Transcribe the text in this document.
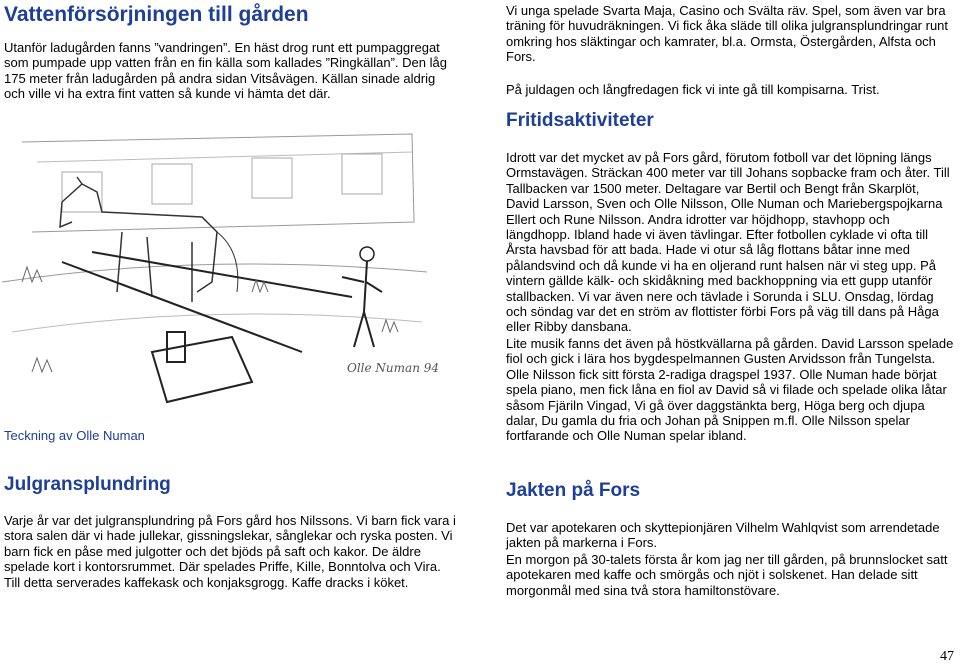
Vattenförsörjningen till gården

Utanför ladugården fanns ”vandringen”. En häst drog runt ett pumpaggregat som pumpade upp vatten från en fin källa som kallades ”Ringkällan”. Den låg 175 meter från ladugården på andra sidan Vitsåvägen. Källan sinade aldrig och ville vi ha extra fint vatten så kunde vi hämta det där.

Olle Numan 94
Teckning av Olle Numan
Julgransplundring

Varje år var det julgransplundring på Fors gård hos Nilssons. Vi barn fick vara i stora salen där vi hade jullekar, gissningslekar, sånglekar och ryska posten. Vi barn fick en påse med julgotter och det bjöds på saft och kakor. De äldre spelade kort i kontorsrummet. Där spelades Priffe, Kille, Bonntolva och Vira. Till detta serverades kaffekask och konjaksgrogg. Kaffe dracks i köket.

Vi unga spelade Svarta Maja, Casino och Svälta räv. Spel, som även var bra träning för huvudräkningen. Vi fick åka släde till olika julgransplundringar runt omkring hos släktingar och kamrater, bl.a. Ormsta, Östergården, Alfsta och Fors.

På juldagen och långfredagen fick vi inte gå till kompisarna. Trist.

Fritidsaktiviteter

Idrott var det mycket av på Fors gård, förutom fotboll var det löpning längs Ormstavägen. Sträckan 400 meter var till Johans sopbacke fram och åter. Till Tallbacken var 1500 meter. Deltagare var Bertil och Bengt från Skarplöt, David Larsson, Sven och Olle Nilsson, Olle Numan och Mariebergspojkarna Ellert och Rune Nilsson. Andra idrotter var höjdhopp, stavhopp och längdhopp. Ibland hade vi även tävlingar. Efter fotbollen cyklade vi ofta till Årsta havsbad för att bada. Hade vi otur så låg flottans båtar inne med pålandsvind och då kunde vi ha en oljerand runt halsen när vi steg upp. På vintern gällde kälk- och skidåkning med backhoppning via ett gupp utanför stallbacken. Vi var även nere och tävlade i Sorunda i SLU. Onsdag, lördag och söndag var det en ström av flottister förbi Fors på väg till dans på Håga eller Ribby dansbana.

Lite musik fanns det även på höstkvällarna på gården. David Larsson spelade fiol och gick i lära hos bygdespelmannen Gusten Arvidsson från Tungelsta. Olle Nilsson fick sitt första 2-radiga dragspel 1937. Olle Numan hade börjat spela piano, men fick låna en fiol av David så vi filade och spelade olika låtar såsom Fjäriln Vingad, Vi gå över daggstänkta berg, Höga berg och djupa dalar, Du gamla du fria och Johan på Snippen m.fl. Olle Nilsson spelar fortfarande och Olle Numan spelar ibland.

Jakten på Fors

Det var apotekaren och skyttepionjären Vilhelm Wahlqvist som arrendetade jakten på markerna i Fors.

En morgon på 30-talets första år kom jag ner till gården, på brunnslocket satt apotekaren med kaffe och smörgås och njöt i solskenet. Han delade sitt morgonmål med sina två stora hamiltonstövare.

47
